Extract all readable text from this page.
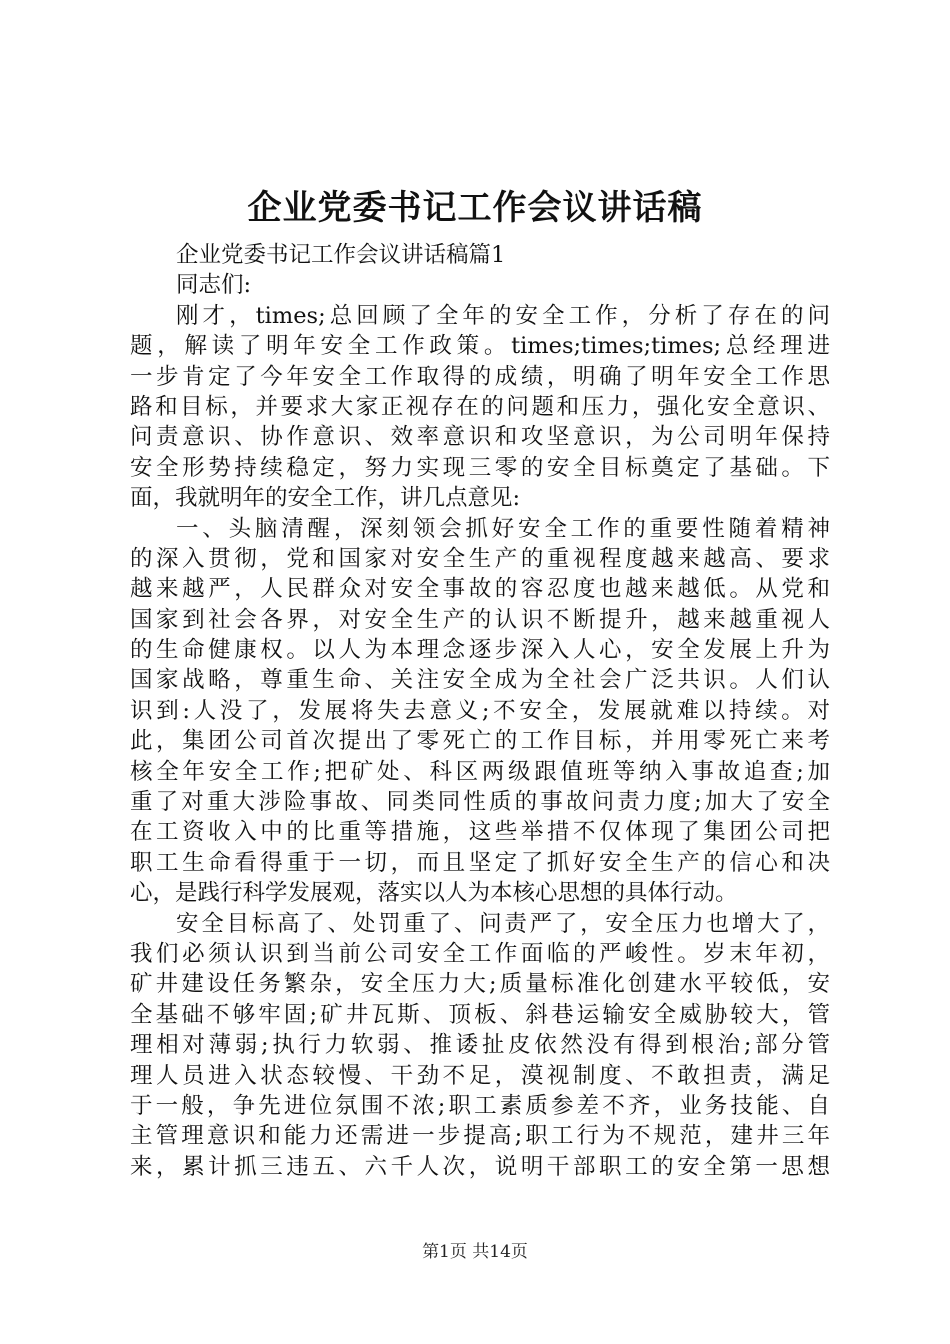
企业党委书记工作会议讲话稿
企业党委书记工作会议讲话稿篇1
同志们:
刚才，times;总回顾了全年的安全工作，分析了存在的问
题，解读了明年安全工作政策。times;times;times;总经理进
一步肯定了今年安全工作取得的成绩，明确了明年安全工作思
路和目标，并要求大家正视存在的问题和压力，强化安全意识、
问责意识、协作意识、效率意识和攻坚意识，为公司明年保持
安全形势持续稳定，努力实现三零的安全目标奠定了基础。下
面，我就明年的安全工作，讲几点意见:
一、头脑清醒，深刻领会抓好安全工作的重要性随着精神
的深入贯彻，党和国家对安全生产的重视程度越来越高、要求
越来越严，人民群众对安全事故的容忍度也越来越低。从党和
国家到社会各界，对安全生产的认识不断提升，越来越重视人
的生命健康权。以人为本理念逐步深入人心，安全发展上升为
国家战略，尊重生命、关注安全成为全社会广泛共识。人们认
识到:人没了，发展将失去意义;不安全，发展就难以持续。对
此，集团公司首次提出了零死亡的工作目标，并用零死亡来考
核全年安全工作;把矿处、科区两级跟值班等纳入事故追查;加
重了对重大涉险事故、同类同性质的事故问责力度;加大了安全
在工资收入中的比重等措施，这些举措不仅体现了集团公司把
职工生命看得重于一切，而且坚定了抓好安全生产的信心和决
心，是践行科学发展观，落实以人为本核心思想的具体行动。
安全目标高了、处罚重了、问责严了，安全压力也增大了，
我们必须认识到当前公司安全工作面临的严峻性。岁末年初，
矿井建设任务繁杂，安全压力大;质量标准化创建水平较低，安
全基础不够牢固;矿井瓦斯、顶板、斜巷运输安全威胁较大，管
理相对薄弱;执行力软弱、推诿扯皮依然没有得到根治;部分管
理人员进入状态较慢、干劲不足，漠视制度、不敢担责，满足
于一般，争先进位氛围不浓;职工素质参差不齐，业务技能、自
主管理意识和能力还需进一步提高;职工行为不规范，建井三年
来，累计抓三违五、六千人次，说明干部职工的安全第一思想
第1页 共14页
